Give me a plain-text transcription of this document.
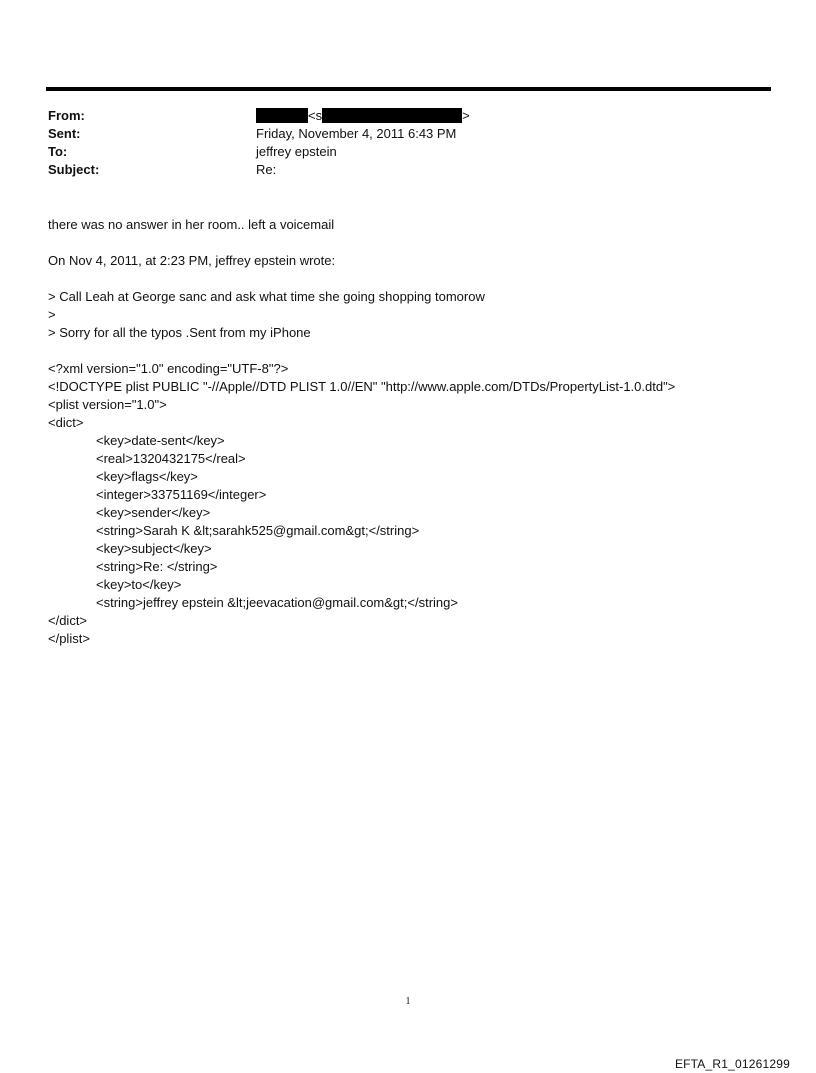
From:	<s	>
Sent:	Friday, November 4, 2011 6:43 PM
To:	jeffrey epstein
Subject:	Re:
there was no answer in her room.. left a voicemail
On Nov 4, 2011, at 2:23 PM, jeffrey epstein wrote:
> Call Leah at George sanc and ask what time she going shopping tomorow
>
> Sorry for all the typos .Sent from my iPhone
<?xml version="1.0" encoding="UTF-8"?>
<!DOCTYPE plist PUBLIC "-//Apple//DTD PLIST 1.0//EN" "http://www.apple.com/DTDs/PropertyList-1.0.dtd">
<plist version="1.0">
<dict>
<key>date-sent</key>
<real>1320432175</real>
<key>flags</key>
<integer>33751169</integer>
<key>sender</key>
<string>Sarah K &lt;sarahk525@gmail.com&gt;</string>
<key>subject</key>
<string>Re: </string>
<key>to</key>
<string>jeffrey epstein &lt;jeevacation@gmail.com&gt;</string>
</dict>
</plist>
1
EFTA_R1_01261299
